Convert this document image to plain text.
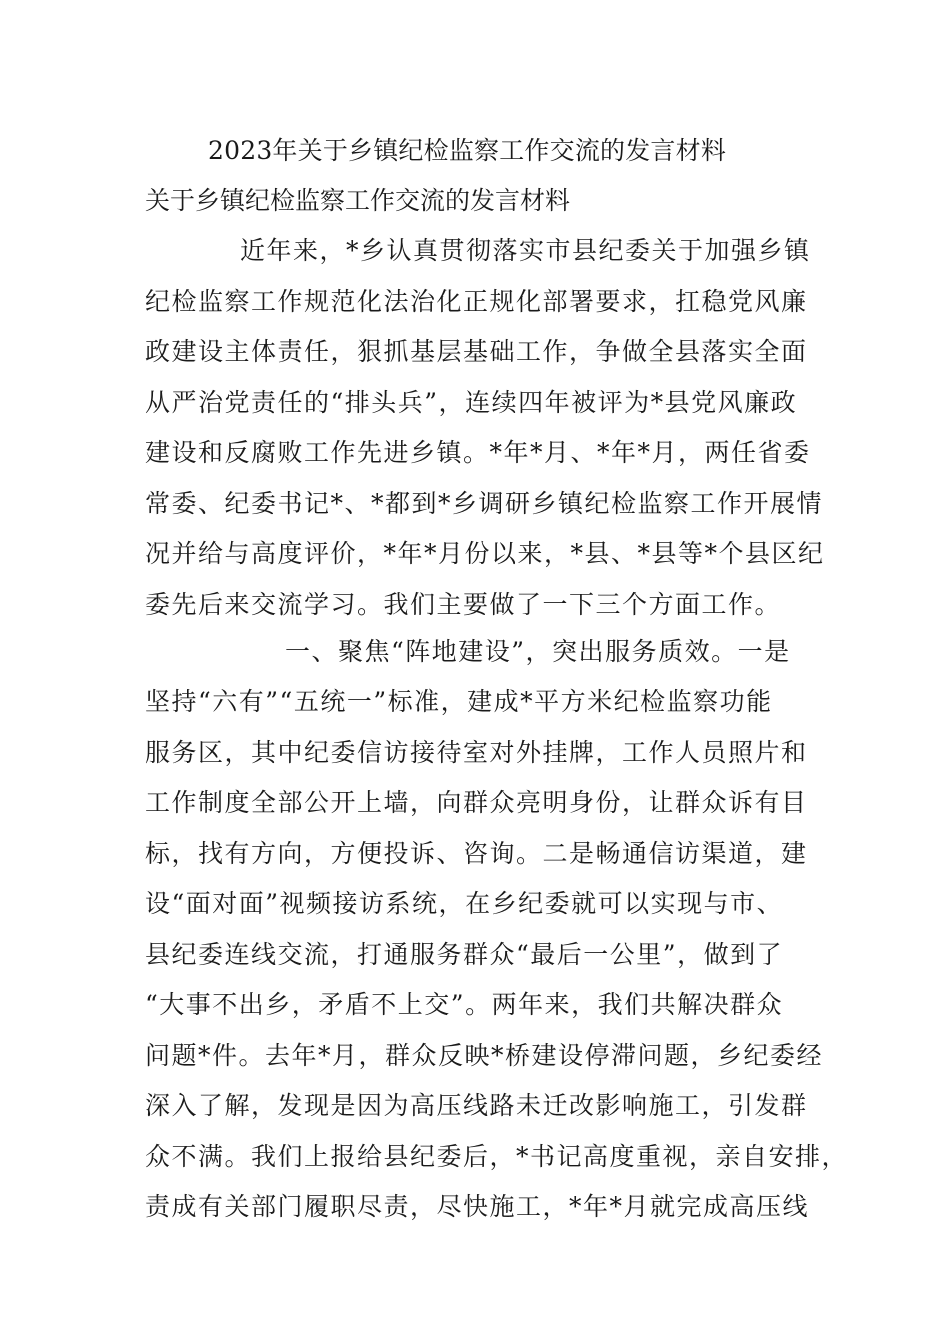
2023年关于乡镇纪检监察工作交流的发言材料
关于乡镇纪检监察工作交流的发言材料
近年来，*乡认真贯彻落实市县纪委关于加强乡镇
纪检监察工作规范化法治化正规化部署要求，扛稳党风廉
政建设主体责任，狠抓基层基础工作，争做全县落实全面
从严治党责任的“排头兵”，连续四年被评为*县党风廉政
建设和反腐败工作先进乡镇。*年*月、*年*月，两任省委
常委、纪委书记*、*都到*乡调研乡镇纪检监察工作开展情
况并给与高度评价，*年*月份以来，*县、*县等*个县区纪
委先后来交流学习。我们主要做了一下三个方面工作。
一、聚焦“阵地建设”，突出服务质效。一是
坚持“六有”“五统一”标准，建成*平方米纪检监察功能
服务区，其中纪委信访接待室对外挂牌，工作人员照片和
工作制度全部公开上墙，向群众亮明身份，让群众诉有目
标，找有方向，方便投诉、咨询。二是畅通信访渠道，建
设“面对面”视频接访系统，在乡纪委就可以实现与市、
县纪委连线交流，打通服务群众“最后一公里”，做到了
“大事不出乡，矛盾不上交”。两年来，我们共解决群众
问题*件。去年*月，群众反映*桥建设停滞问题，乡纪委经
深入了解，发现是因为高压线路未迁改影响施工，引发群
众不满。我们上报给县纪委后，*书记高度重视，亲自安排，
责成有关部门履职尽责，尽快施工，*年*月就完成高压线
